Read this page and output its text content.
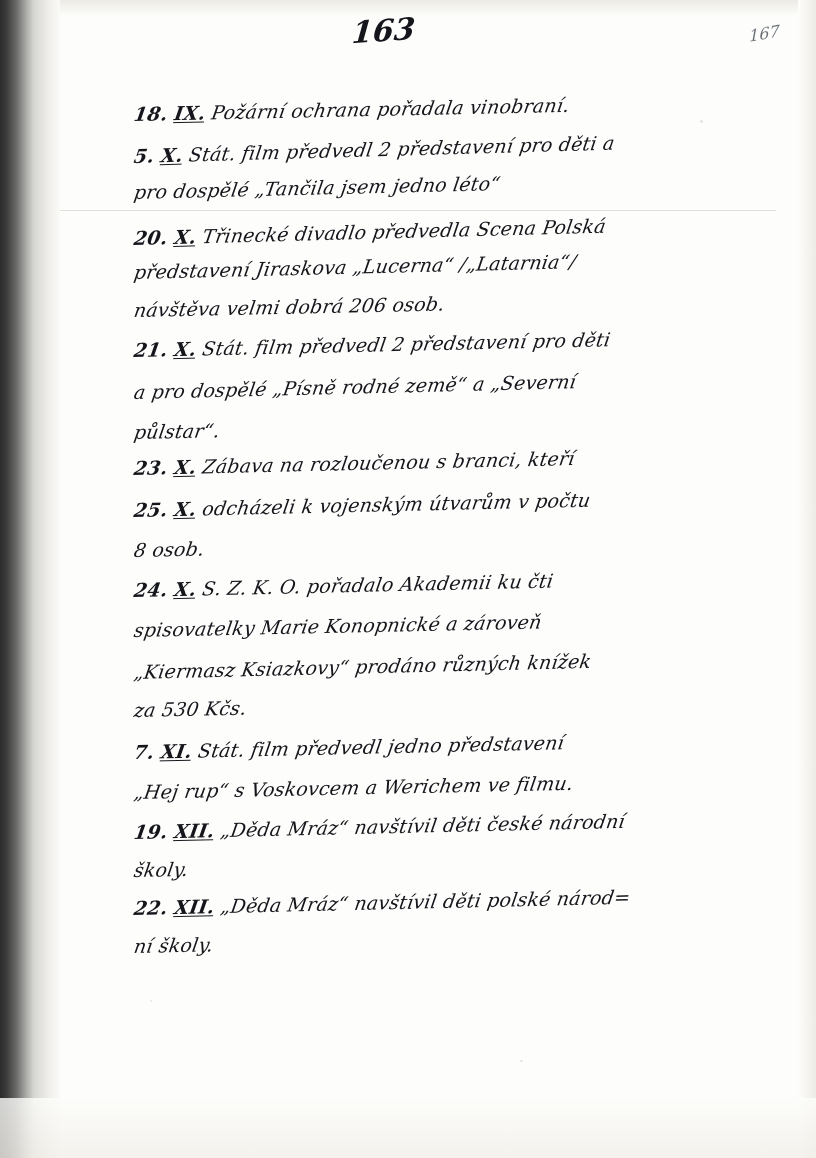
163	167
18. IX. Požární ochrana pořadala vinobraní.
5. X. Stát. film předvedl 2 představení pro děti a
pro dospělé „Tančila jsem jedno léto“
20. X. Třinecké divadlo předvedla Scena Polská
představení Jiraskova „Lucerna“ /„Latarnia“/
návštěva velmi dobrá 206 osob.
21. X. Stát. film předvedl 2 představení pro děti
a pro dospělé „Písně rodné země“ a „Severní
půlstar“.
23. X. Zábava na rozloučenou s branci, kteří
25. X. odcházeli k vojenským útvarům v počtu
8 osob.
24. X. S. Z. K. O. pořadalo Akademii ku čti
spisovatelky Marie Konopnické a zároveň
„Kiermasz Ksiazkovy“ prodáno různých knížek
za 530 Kčs.
7. XI. Stát. film předvedl jedno představení
„Hej rup“ s Voskovcem a Werichem ve filmu.
19. XII. „Děda Mráz“ navštívil děti české národní
školy.
22. XII. „Děda Mráz“ navštívil děti polské národ=
ní školy.
